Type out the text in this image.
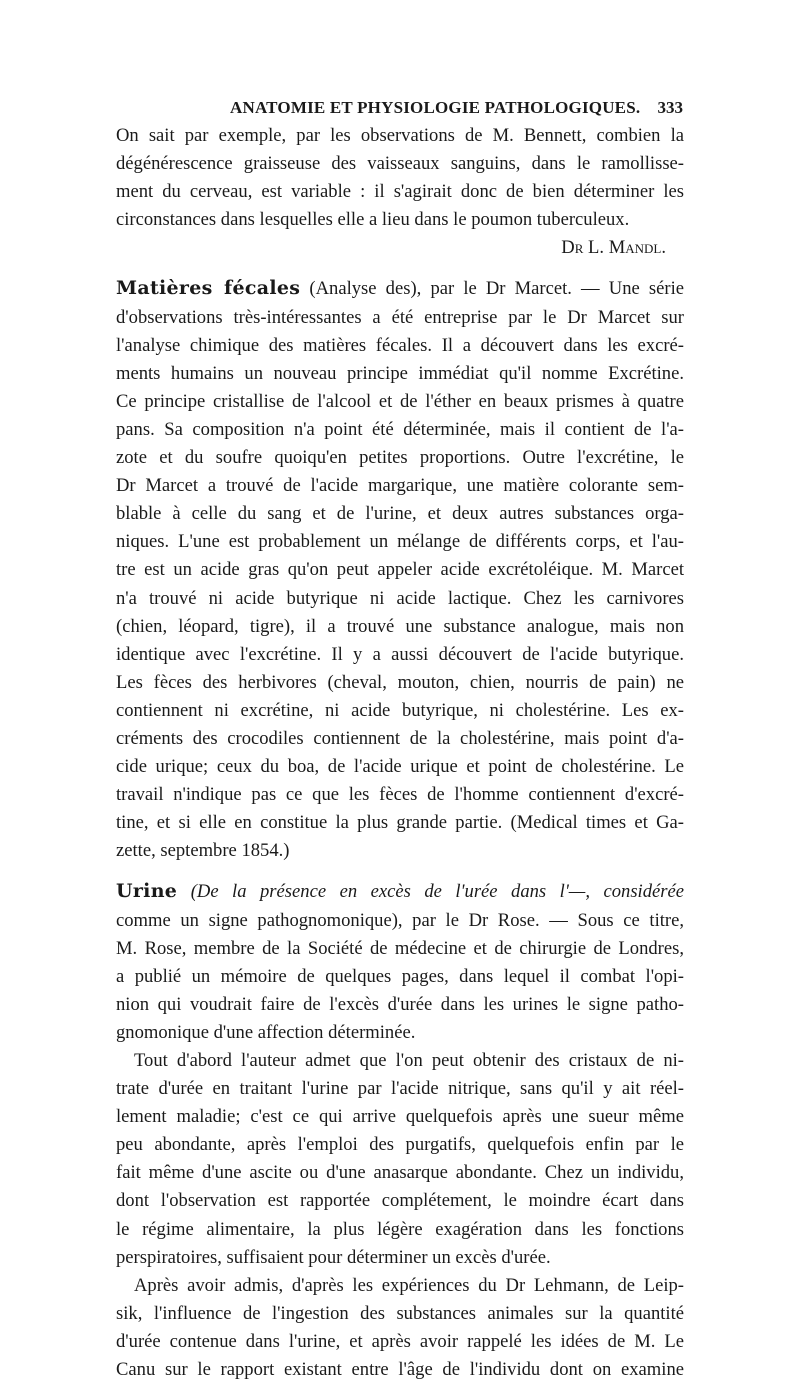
ANATOMIE ET PHYSIOLOGIE PATHOLOGIQUES. 333
On sait par exemple, par les observations de M. Bennett, combien la
dégénérescence graisseuse des vaisseaux sanguins, dans le ramollisse-
ment du cerveau, est variable : il s'agirait donc de bien déterminer les
circonstances dans lesquelles elle a lieu dans le poumon tuberculeux.
Dr L. Mandl.
Matières fécales (Analyse des), par le Dr Marcet. — Une série
d'observations très-intéressantes a été entreprise par le Dr Marcet sur
l'analyse chimique des matières fécales. Il a découvert dans les excré-
ments humains un nouveau principe immédiat qu'il nomme Excrétine.
Ce principe cristallise de l'alcool et de l'éther en beaux prismes à quatre
pans. Sa composition n'a point été déterminée, mais il contient de l'a-
zote et du soufre quoiqu'en petites proportions. Outre l'excrétine, le
Dr Marcet a trouvé de l'acide margarique, une matière colorante sem-
blable à celle du sang et de l'urine, et deux autres substances orga-
niques. L'une est probablement un mélange de différents corps, et l'au-
tre est un acide gras qu'on peut appeler acide excrétoléique. M. Marcet
n'a trouvé ni acide butyrique ni acide lactique. Chez les carnivores
(chien, léopard, tigre), il a trouvé une substance analogue, mais non
identique avec l'excrétine. Il y a aussi découvert de l'acide butyrique.
Les fèces des herbivores (cheval, mouton, chien, nourris de pain) ne
contiennent ni excrétine, ni acide butyrique, ni cholestérine. Les ex-
créments des crocodiles contiennent de la cholestérine, mais point d'a-
cide urique; ceux du boa, de l'acide urique et point de cholestérine. Le
travail n'indique pas ce que les fèces de l'homme contiennent d'excré-
tine, et si elle en constitue la plus grande partie. (Medical times et Ga-
zette, septembre 1854.)
Urine (De la présence en excès de l'urée dans l'—, considérée
comme un signe pathognomonique), par le Dr Rose. — Sous ce titre,
M. Rose, membre de la Société de médecine et de chirurgie de Londres,
a publié un mémoire de quelques pages, dans lequel il combat l'opi-
nion qui voudrait faire de l'excès d'urée dans les urines le signe patho-
gnomonique d'une affection déterminée.
Tout d'abord l'auteur admet que l'on peut obtenir des cristaux de ni-
trate d'urée en traitant l'urine par l'acide nitrique, sans qu'il y ait réel-
lement maladie; c'est ce qui arrive quelquefois après une sueur même
peu abondante, après l'emploi des purgatifs, quelquefois enfin par le
fait même d'une ascite ou d'une anasarque abondante. Chez un individu,
dont l'observation est rapportée complétement, le moindre écart dans
le régime alimentaire, la plus légère exagération dans les fonctions
perspiratoires, suffisaient pour déterminer un excès d'urée.
Après avoir admis, d'après les expériences du Dr Lehmann, de Leip-
sik, l'influence de l'ingestion des substances animales sur la quantité
d'urée contenue dans l'urine, et après avoir rappelé les idées de M. Le
Canu sur le rapport existant entre l'âge de l'individu dont on examine
